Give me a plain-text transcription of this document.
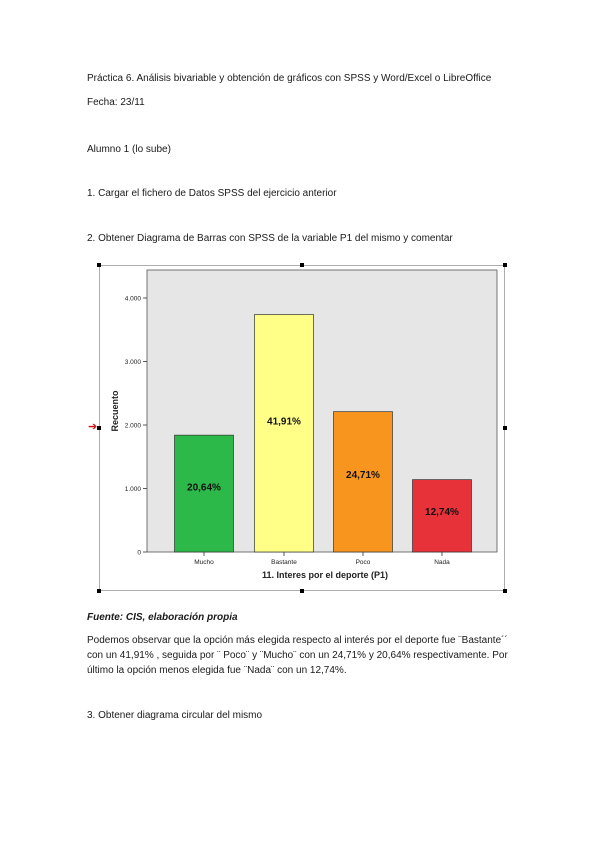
Práctica 6. Análisis bivariable y obtención de gráficos con SPSS y Word/Excel o LibreOffice
Fecha: 23/11
Alumno 1 (lo sube)
1. Cargar el fichero de Datos SPSS del ejercicio anterior
2. Obtener Diagrama de Barras con SPSS de la variable P1 del mismo y comentar
➔
0
1.000
2.000
3.000
4.000
Mucho
20,64%
Bastante
41,91%
Poco
24,71%
Nada
12,74%
11. Interes por el deporte (P1)
Recuento
Fuente: CIS, elaboración propia
Podemos observar que la opción más elegida respecto al interés por el deporte fue ¨Bastante´´
con un 41,91% , seguida por ¨ Poco¨ y ¨Mucho¨ con un 24,71% y 20,64% respectivamente. Por
último la opción menos elegida fue ¨Nada¨ con un 12,74%.
3. Obtener diagrama circular del mismo
